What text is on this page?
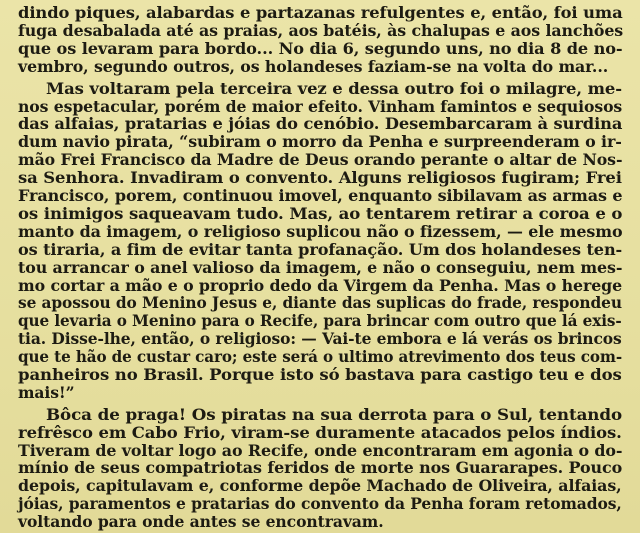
dindo piques, alabardas e partazanas refulgentes e, então, foi uma

fuga desabalada até as praias, aos batéis, às chalupas e aos lanchões

que os levaram para bordo... No dia 6, segundo uns, no dia 8 de no-

vembro, segundo outros, os holandeses faziam-se na volta do mar...

Mas voltaram pela terceira vez e dessa outro foi o milagre, me-

nos espetacular, porém de maior efeito. Vinham famintos e sequiosos

das alfaias, pratarias e jóias do cenóbio. Desembarcaram à surdina

dum navio pirata, “subiram o morro da Penha e surpreenderam o ir-

mão Frei Francisco da Madre de Deus orando perante o altar de Nos-

sa Senhora. Invadiram o convento. Alguns religiosos fugiram; Frei

Francisco, porem, continuou imovel, enquanto sibilavam as armas e

os inimigos saqueavam tudo. Mas, ao tentarem retirar a coroa e o

manto da imagem, o religioso suplicou não o fizessem, — ele mesmo

os tiraria, a fim de evitar tanta profanação. Um dos holandeses ten-

tou arrancar o anel valioso da imagem, e não o conseguiu, nem mes-

mo cortar a mão e o proprio dedo da Virgem da Penha. Mas o herege

se apossou do Menino Jesus e, diante das suplicas do frade, respondeu

que levaria o Menino para o Recife, para brincar com outro que lá exis-

tia. Disse-lhe, então, o religioso: — Vai-te embora e lá verás os brincos

que te hão de custar caro; este será o ultimo atrevimento dos teus com-

panheiros no Brasil. Porque isto só bastava para castigo teu e dos

mais!”

Bôca de praga! Os piratas na sua derrota para o Sul, tentando

refrêsco em Cabo Frio, viram-se duramente atacados pelos índios.

Tiveram de voltar logo ao Recife, onde encontraram em agonia o do-

mínio de seus compatriotas feridos de morte nos Guararapes. Pouco

depois, capitulavam e, conforme depõe Machado de Oliveira, alfaias,

jóias, paramentos e pratarias do convento da Penha foram retomados,

voltando para onde antes se encontravam.
